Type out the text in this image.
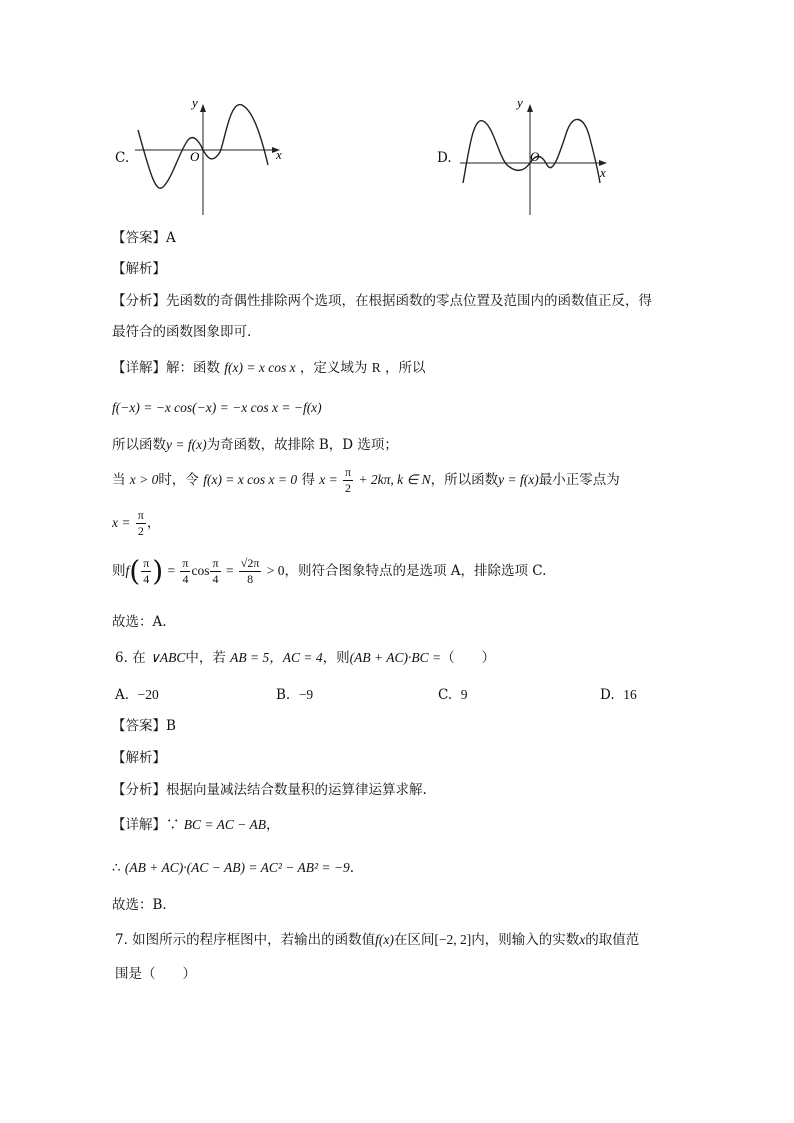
C.
y
x
O	D.
y
x
O
【答案】A
【解析】
【分析】先函数的奇偶性排除两个选项，在根据函数的零点位置及范围内的函数值正反，得
最符合的函数图象即可.
【详解】解：函数 f(x) = x cos x ，定义域为 R ，所以
f(−x) = −x cos(−x) = −x cos x = −f(x)
所以函数y = f(x)为奇函数，故排除 B，D 选项；
当 x > 0时，令 f(x) = x cos x = 0 得 $x = \frac{\pi}{2} + 2k\pi$, k ∈ N，所以函数y = f(x)最小正零点为
$x = \frac{\pi}{2}$ ，
则$f( \frac{\pi}{4}$ ) = $\frac{\pi}{4}$ $\cos \frac{\pi}{4} = \frac{√2\pi}{8} > 0$，则符合图象特点的是选项 A，排除选项 C.
故选：A.
6. 在 ∨ABC中，若 AB = 5，AC = 4，则(AB + AC)·BC =（　　）
A. −20	B. −9	C. 9	D. 16
【答案】B
【解析】
【分析】根据向量减法结合数量积的运算律运算求解.
【详解】∵ BC = AC − AB，
∴ (AB + AC)·(AC − AB) = AC² − AB² = −9.
故选：B.
7. 如图所示的程序框图中，若输出的函数值f(x)在区间[−2, 2]内，则输入的实数x的取值范
围是（　　）
